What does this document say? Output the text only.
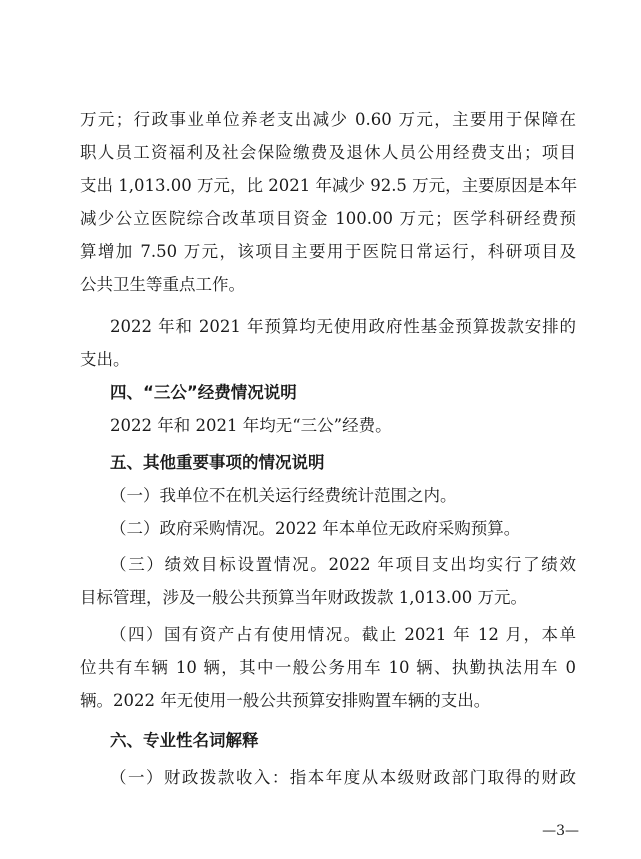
万元；行政事业单位养老支出减少 0.60 万元，主要用于保障在

职人员工资福利及社会保险缴费及退休人员公用经费支出；项目

支出 1,013.00 万元，比 2021 年减少 92.5 万元，主要原因是本年

减少公立医院综合改革项目资金 100.00 万元；医学科研经费预

算增加 7.50 万元，该项目主要用于医院日常运行，科研项目及

公共卫生等重点工作。

2022 年和 2021 年预算均无使用政府性基金预算拨款安排的

支出。

四、“三公”经费情况说明

2022 年和 2021 年均无“三公”经费。

五、其他重要事项的情况说明

（一）我单位不在机关运行经费统计范围之内。

（二）政府采购情况。2022 年本单位无政府采购预算。

（三）绩效目标设置情况。2022 年项目支出均实行了绩效

目标管理，涉及一般公共预算当年财政拨款 1,013.00 万元。

（四）国有资产占有使用情况。截止 2021 年 12 月，本单

位共有车辆 10 辆，其中一般公务用车 10 辆、执勤执法用车 0

辆。2022 年无使用一般公共预算安排购置车辆的支出。

六、专业性名词解释

（一）财政拨款收入：指本年度从本级财政部门取得的财政

—3—
